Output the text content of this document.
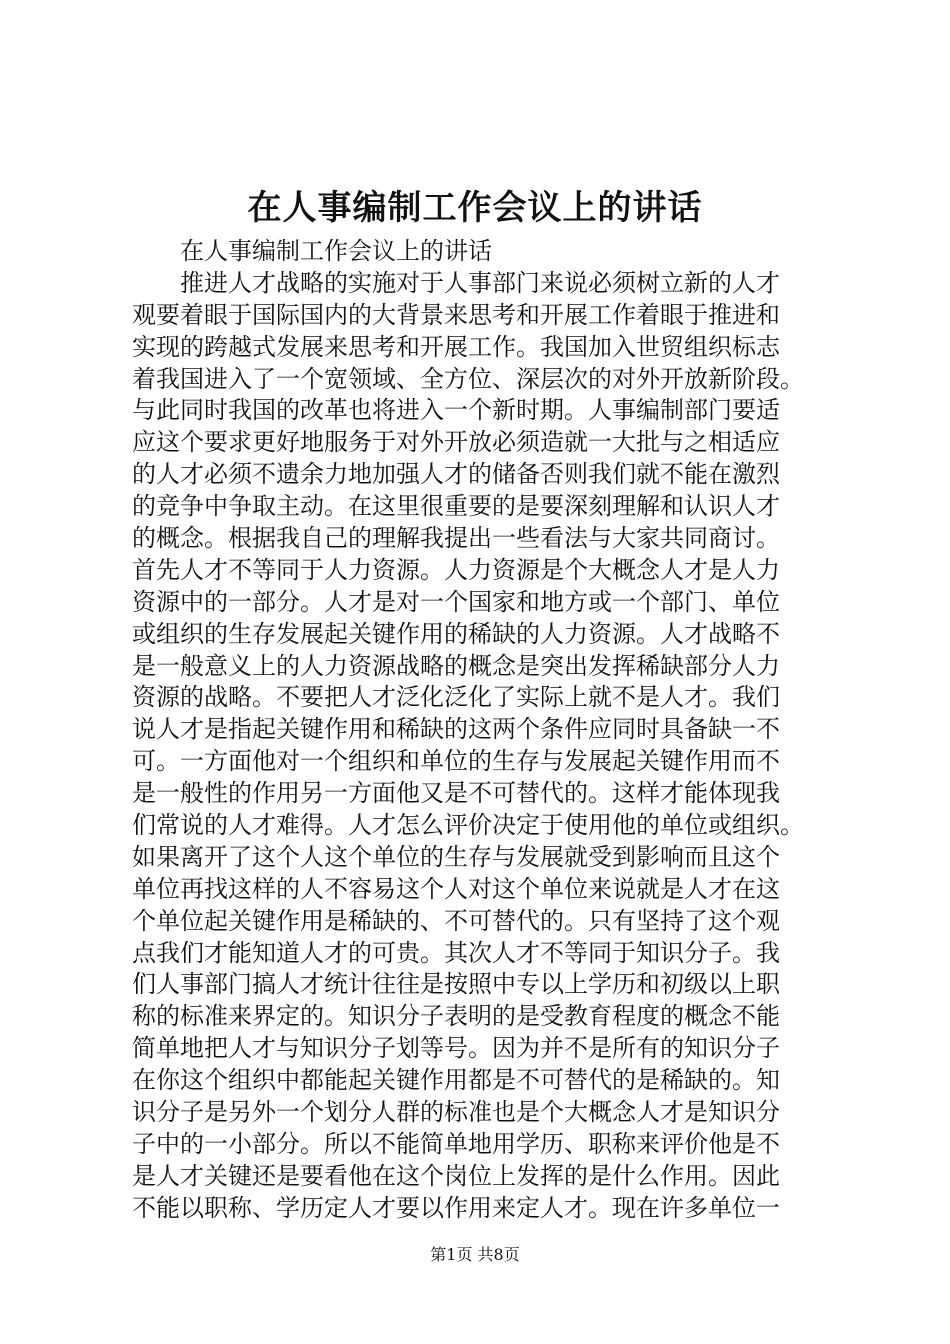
在人事编制工作会议上的讲话
　　在人事编制工作会议上的讲话
　　推进人才战略的实施对于人事部门来说必须树立新的人才
观要着眼于国际国内的大背景来思考和开展工作着眼于推进和
实现的跨越式发展来思考和开展工作。我国加入世贸组织标志
着我国进入了一个宽领域、全方位、深层次的对外开放新阶段。
与此同时我国的改革也将进入一个新时期。人事编制部门要适
应这个要求更好地服务于对外开放必须造就一大批与之相适应
的人才必须不遗余力地加强人才的储备否则我们就不能在激烈
的竞争中争取主动。在这里很重要的是要深刻理解和认识人才
的概念。根据我自己的理解我提出一些看法与大家共同商讨。
首先人才不等同于人力资源。人力资源是个大概念人才是人力
资源中的一部分。人才是对一个国家和地方或一个部门、单位
或组织的生存发展起关键作用的稀缺的人力资源。人才战略不
是一般意义上的人力资源战略的概念是突出发挥稀缺部分人力
资源的战略。不要把人才泛化泛化了实际上就不是人才。我们
说人才是指起关键作用和稀缺的这两个条件应同时具备缺一不
可。一方面他对一个组织和单位的生存与发展起关键作用而不
是一般性的作用另一方面他又是不可替代的。这样才能体现我
们常说的人才难得。人才怎么评价决定于使用他的单位或组织。
如果离开了这个人这个单位的生存与发展就受到影响而且这个
单位再找这样的人不容易这个人对这个单位来说就是人才在这
个单位起关键作用是稀缺的、不可替代的。只有坚持了这个观
点我们才能知道人才的可贵。其次人才不等同于知识分子。我
们人事部门搞人才统计往往是按照中专以上学历和初级以上职
称的标准来界定的。知识分子表明的是受教育程度的概念不能
简单地把人才与知识分子划等号。因为并不是所有的知识分子
在你这个组织中都能起关键作用都是不可替代的是稀缺的。知
识分子是另外一个划分人群的标准也是个大概念人才是知识分
子中的一小部分。所以不能简单地用学历、职称来评价他是不
是人才关键还是要看他在这个岗位上发挥的是什么作用。因此
不能以职称、学历定人才要以作用来定人才。现在许多单位一
第1页 共8页
